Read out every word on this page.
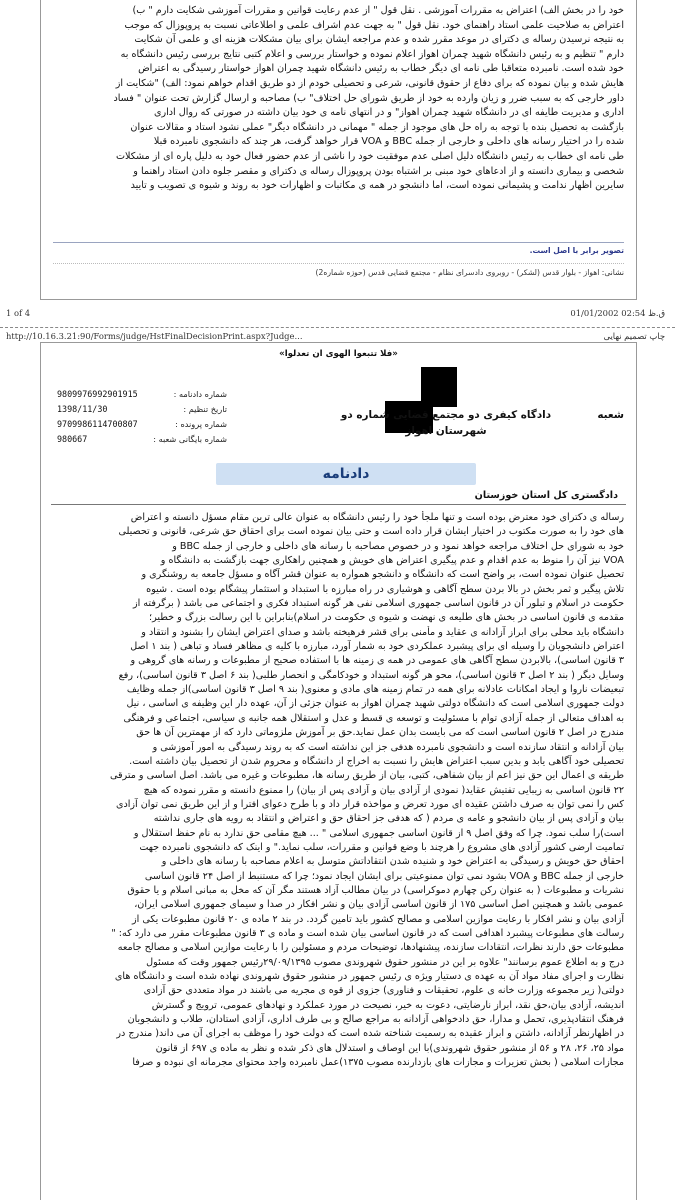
خود را در بخش الف) اعتراض به مقررات آموزشی . نقل قول " از عدم رعایت قوانین و مقررات آموزشی شکایت دارم " ب)
اعتراض به صلاحیت علمی استاد راهنمای خود. نقل قول " به جهت عدم اشراف علمی و اطلاعاتی نسبت به پروپوزال که موجب
به نتیجه نرسیدن رساله ی دکترای در موعد مقرر شده و عدم مراجعه ایشان برای بیان مشکلات هزینه ای و علمی آن شکایت
دارم " تنظیم و به رئیس دانشگاه شهید چمران اهواز اعلام نموده و خواستار بررسی و اعلام کتبی نتایج بررسی رئیس دانشگاه به
خود شده است. نامبرده متعاقبا طی نامه ای دیگر خطاب به رئیس دانشگاه شهید چمران اهواز خواستار رسیدگی به اعتراض
هایش شده و بیان نموده که برای دفاع از حقوق قانونی، شرعی و تحصیلی خودم از دو طریق اقدام خواهم نمود: الف) "شکایت از
داور خارجی که به سبب ضرر و زیان وارده به خود از طریق شورای حل اختلاف" ب) مصاحبه و ارسال گزارش تحت عنوان " فساد
اداری و مدیریت طایفه ای در دانشگاه شهید چمران اهواز" و در انتهای نامه ی خود بیان داشته در صورتی که روال اداری
بازگشت به تحصیل بنده با توجه به راه حل های موجود از جمله " مهمانی در دانشگاه دیگر" عملی نشود استاد و مقالات عنوان
شده را در اختیار رسانه های داخلی و خارجی از جمله BBC و VOA قرار خواهد گرفت، هر چند که دانشجوی نامبرده قبلا
طی نامه ای خطاب به رئیس دانشگاه دلیل اصلی عدم موفقیت خود را ناشی از عدم حضور فعال خود به دلیل پاره ای از مشکلات
شخصی و بیماری دانسته و از ادعاهای خود مبنی بر اشتباه بودن پروپوزال رساله ی دکترای و مقصر جلوه دادن استاد راهنما و
سایرین اظهار ندامت و پشیمانی نموده است، اما دانشجو در همه ی مکاتبات و اظهارات خود به روند و شیوه ی تصویب و تایید
تصویر برابر با اصل است.
نشانی: اهواز - بلوار قدس (لشکر) - روبروی دادسرای نظام - مجتمع قضایی قدس (حوزه شماره2)
1 of 4	01/01/2002 02:54 ق.ظ
http://10.16.3.21:90/Forms/judge/HstFinalDecisionPrint.aspx?Judge...	چاپ تصمیم نهایی
«فلا تتبعوا الهوی ان تعدلوا»
شماره دادنامه :
9809976992901915
تاریخ تنظیم :
1398/11/30
شماره پرونده :
9709986114700807
شماره بایگانی شعبه :
980667
شعبه
دادگاه کیفری دو مجتمع قضایی شماره دو
شهرستان اهواز
دادنامه
دادگستری کل استان خوزستان
رساله ی دکترای خود معترض بوده است و تنها ملجأ خود را رئیس دانشگاه به عنوان عالی ترین مقام مسؤل دانسته و اعتراض
های خود را به صورت مکتوب در اختیار ایشان قرار داده است و حتی بیان نموده است برای احقاق حق شرعی، قانونی و تحصیلی
خود به شورای حل اختلاف مراجعه خواهد نمود و در خصوص مصاحبه با رسانه های داخلی و خارجی از جمله BBC و
VOA نیز آن را منوط به عدم اقدام و عدم پیگیری اعتراض های خویش و همچنین راهکاری جهت بازگشت به دانشگاه و
تحصیل عنوان نموده است، بر واضح است که دانشگاه و دانشجو همواره به عنوان قشر آگاه و مسؤل جامعه به روشنگری و
تلاش پیگیر و ثمر بخش در بالا بردن سطح آگاهی و هوشیاری در راه مبارزه با استبداد و استثمار پیشگام بوده است . شیوه
حکومت در اسلام و تبلور آن در قانون اساسی جمهوری اسلامی نفی هر گونه استبداد فکری و اجتماعی می باشد ( برگرفته از
مقدمه ی قانون اساسی در بخش های طلیعه ی نهضت و شیوه ی حکومت در اسلام)بنابراین با این رسالت بزرگ و خطیر؛
دانشگاه باید محلی برای ابراز آزادانه ی عقاید و مأمنی برای قشر فرهیخته باشد و صدای اعتراض ایشان را بشنود و انتقاد و
اعتراض دانشجویان را وسیله ای برای پیشبرد عملکردی خود به شمار آورد، مبارزه با کلیه ی مظاهر فساد و تباهی ( بند ۱ اصل
۳ قانون اساسی)، بالابردن سطح آگاهی های عمومی در همه ی زمینه ها با استفاده صحیح از مطبوعات و رسانه های گروهی و
وسایل دیگر ( بند ۲ اصل ۳ قانون اساسی)، محو هر گونه استبداد و خودکامگی و انحصار طلبی( بند ۶ اصل ۳ قانون اساسی)، رفع
تبعیضات ناروا و ایجاد امکانات عادلانه برای همه در تمام زمینه های مادی و معنوی( بند ۹ اصل ۳ قانون اساسی)از جمله وظایف
دولت جمهوری اسلامی است که دانشگاه دولتی شهید چمران اهواز به عنوان جزئی از آن، عهده دار این وظیفه ی اساسی ، نیل
به اهداف متعالی از جمله آزادی توام با مسئولیت و توسعه ی قسط و عدل و استقلال همه جانبه ی سیاسی، اجتماعی و فرهنگی
مندرج در اصل ۲ قانون اساسی است که می بایست بدان عمل نماید.حق بر آموزش ملزوماتی دارد که از مهمترین آن ها حق
بیان آزادانه و انتقاد سازنده است و دانشجوی نامبرده هدفی جز این نداشته است که به روند رسیدگی به امور آموزشی و
تحصیلی خود آگاهی یابد و بدین سبب اعتراض هایش را نسبت به اخراج از دانشگاه و محروم شدن از تحصیل بیان داشته است.
طریقه ی اعمال این حق نیز اعم از بیان شفاهی، کتبی، بیان از طریق رسانه ها، مطبوعات و غیره می باشد. اصل اساسی و مترقی
۲۲ قانون اساسی به زیبایی تفتیش عقاید( نمودی از آزادی بیان و آزادی پس از بیان) را ممنوع دانسته و مقرر نموده که هیچ
کس را نمی توان به صرف داشتن عقیده ای مورد تعرض و مواخذه قرار داد و با طرح دعوای افترا و از این طریق نمی توان آزادی
بیان و آزادی پس از بیان دانشجو و عامه ی مردم ( که هدفی جز احقاق حق و اعتراض و انتقاد به رویه های جاری نداشته
است)را سلب نمود. چرا که وفق اصل ۹ از قانون اساسی جمهوری اسلامی " ... هیچ مقامی حق ندارد به نام حفظ استقلال و
تمامیت ارضی کشور آزادی های مشروع را هرچند با وضع قوانین و مقررات، سلب نماید." و اینک که دانشجوی نامبرده جهت
احقاق حق خویش و رسیدگی به اعتراض خود و شنیده شدن انتقاداتش متوسل به اعلام مصاحبه با رسانه های داخلی و
خارجی از جمله BBC و VOA بشود نمی توان ممنوعیتی برای ایشان ایجاد نمود؛ چرا که مستنبط از اصل ۲۴ قانون اساسی
نشریات و مطبوعات ( به عنوان رکن چهارم دموکراسی) در بیان مطالب آزاد هستند مگر آن که مخل به مبانی اسلام و یا حقوق
عمومی باشد و همچنین اصل اساسی ۱۷۵ از قانون اساسی آزادی بیان و نشر افکار در صدا و سیمای جمهوری اسلامی ایران،
آزادی بیان و نشر افکار با رعایت موازین اسلامی و مصالح کشور باید تامین گردد. در بند ۲ ماده ی ۲۰ قانون مطبوعات یکی از
رسالت های مطبوعات پیشبرد اهدافی است که در قانون اساسی بیان شده است و ماده ی ۳ قانون مطبوعات مقرر می دارد که: "
مطبوعات حق دارند نظرات، انتقادات سازنده، پیشنهادها، توضیحات مردم و مسئولین را با رعایت موازین اسلامی و مصالح جامعه
درج و به اطلاع عموم برسانند" علاوه بر این در منشور حقوق شهروندی مصوب ۲۹/۰۹/۱۳۹۵رئیس جمهور وقت که مسئول
نظارت و اجرای مفاد مواد آن به عهده ی دستیار ویژه ی رئیس جمهور در منشور حقوق شهروندی نهاده شده است و دانشگاه های
دولتی( زیر مجموعه وزارت خانه ی علوم، تحقیقات و فناوری) جزوی از قوه ی مجریه می باشند در مواد متعددی حق آزادی
اندیشه، آزادی بیان،حق نقد، ابراز نارضایتی، دعوت به خیر، نصیحت در مورد عملکرد و نهادهای عمومی، ترویج و گسترش
فرهنگ انتقادپذیری، تحمل و مدارا، حق دادخواهی آزادانه به مراجع صالح و بی طرف اداری، آزادی استادان، طلاب و دانشجویان
در اظهارنظر آزادانه، داشتن و ابراز عقیده به رسمیت شناخته شده است که دولت خود را موظف به اجرای آن می داند( مندرج در
مواد ۲۵، ۲۶، ۲۸ و ۵۶ از منشور حقوق شهروندی)با این اوصاف و استدلال های ذکر شده و نظر به ماده ی ۶۹۷ از قانون
مجازات اسلامی ( بخش تعزیرات و مجازات های بازدارنده مصوب ۱۳۷۵)عمل نامبرده واجد محتوای مجرمانه ای نبوده و صرفا
